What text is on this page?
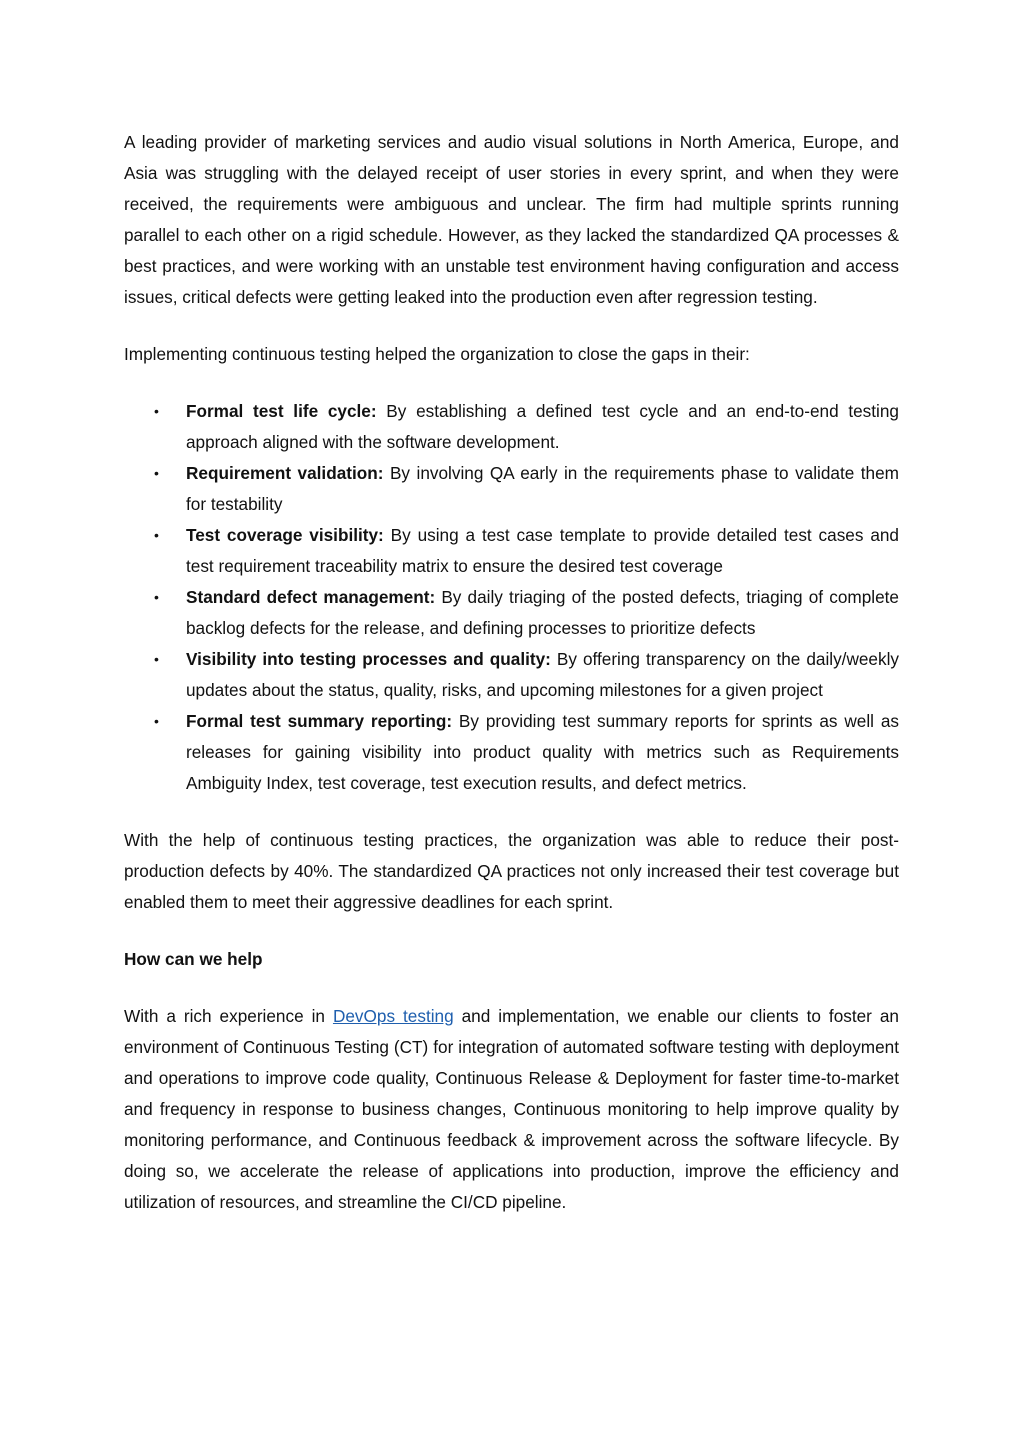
A leading provider of marketing services and audio visual solutions in North America, Europe, and Asia was struggling with the delayed receipt of user stories in every sprint, and when they were received, the requirements were ambiguous and unclear. The firm had multiple sprints running parallel to each other on a rigid schedule. However, as they lacked the standardized QA processes & best practices, and were working with an unstable test environment having configuration and access issues, critical defects were getting leaked into the production even after regression testing.

Implementing continuous testing helped the organization to close the gaps in their:

• Formal test life cycle: By establishing a defined test cycle and an end-to-end testing approach aligned with the software development.
• Requirement validation: By involving QA early in the requirements phase to validate them for testability
• Test coverage visibility: By using a test case template to provide detailed test cases and test requirement traceability matrix to ensure the desired test coverage
• Standard defect management: By daily triaging of the posted defects, triaging of complete backlog defects for the release, and defining processes to prioritize defects
• Visibility into testing processes and quality: By offering transparency on the daily/weekly updates about the status, quality, risks, and upcoming milestones for a given project
• Formal test summary reporting: By providing test summary reports for sprints as well as releases for gaining visibility into product quality with metrics such as Requirements Ambiguity Index, test coverage, test execution results, and defect metrics.

With the help of continuous testing practices, the organization was able to reduce their post-production defects by 40%. The standardized QA practices not only increased their test coverage but enabled them to meet their aggressive deadlines for each sprint.

How can we help

With a rich experience in DevOps testing and implementation, we enable our clients to foster an environment of Continuous Testing (CT) for integration of automated software testing with deployment and operations to improve code quality, Continuous Release & Deployment for faster time-to-market and frequency in response to business changes, Continuous monitoring to help improve quality by monitoring performance, and Continuous feedback & improvement across the software lifecycle. By doing so, we accelerate the release of applications into production, improve the efficiency and utilization of resources, and streamline the CI/CD pipeline.
